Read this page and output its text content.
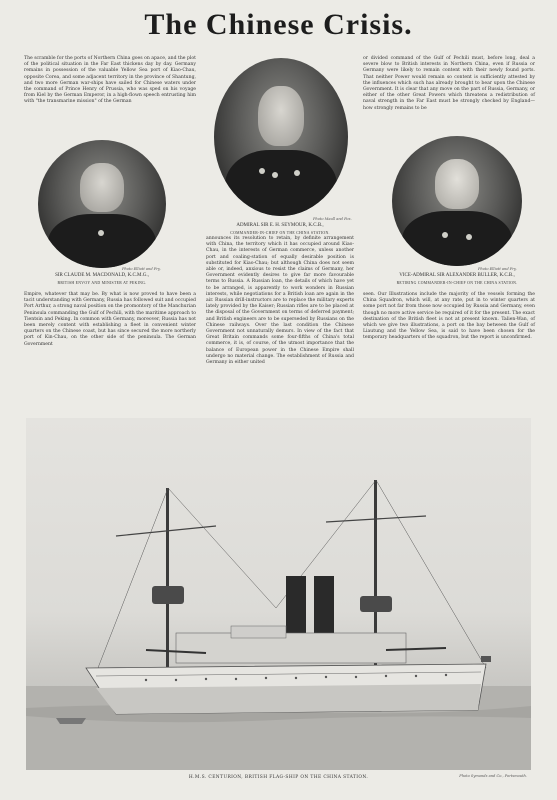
The Chinese Crisis.
The scramble for the ports of Northern China goes on apace, and the plot of the political situation in the Far East thickens day by day. Germany remains in possession of the valuable Yellow Sea port of Kiao-Chau, opposite Corea, and some adjacent territory in the province of Shantung, and two more German war-ships have sailed for Chinese waters under the command of Prince Henry of Prussia, who was sped on his voyage from Kiel by the German Emperor, in a high-flown speech entrusting him with "the transmarine mission" of the German
or divided command of the Gulf of Pechili must, before long, deal a severe blow to British interests in Northern China, even if Russia or Germany were likely to remain content with their newly found ports. That neither Power would remain so content is sufficiently attested by the influences which such has already brought to bear upon the Chinese Government. It is clear that any move on the part of Russia, Germany, or either of the other Great Powers which threatens a redistribution of naval strength in the Far East must be strongly checked by England—how strongly remains to be
Empire, whatever that may be. By what is now proved to have been a tacit understanding with Germany, Russia has followed suit and occupied Port Arthur, a strong naval position on the promontory of the Manchurian Peninsula commanding the Gulf of Pechili, with the maritime approach to Tientsin and Peking. In common with Germany, moreover, Russia has not been merely content with establishing a fleet in convenient winter quarters on the Chinese coast, but has since secured the more northerly port of Kin-Chau, on the other side of the peninsula. The German Government
announces its resolution to retain, by definite arrangement with China, the territory which it has occupied around Kiao-Chau, in the interests of German commerce, unless another port and coaling-station of equally desirable position is substituted for Kiao-Chau; but although China does not seem able or, indeed, anxious to resist the claims of Germany, her Government evidently desires to give far more favourable terms to Russia. A Russian loan, the details of which have yet to be arranged, is apparently to work wonders in Russian interests, while negotiations for a British loan are again in the air. Russian drill-instructors are to replace the military experts lately provided by the Kaiser; Russian rifles are to be placed at the disposal of the Government on terms of deferred payment; and British engineers are to be superseded by Russians on the Chinese railways. Over the last condition the Chinese Government not unnaturally demurs. In view of the fact that Great Britain commands some four-fifths of China's total commerce, it is, of course, of the utmost importance that the balance of European power in the Chinese Empire shall undergo no material change. The establishment of Russia and Germany in either united
seen. Our Illustrations include the majority of the vessels forming the China Squadron, which will, at any rate, put in to winter quarters at some port not far from those now occupied by Russia and Germany, even though no more active service be required of it for the present. The exact destination of the British fleet is not at present known. Talien-Wan, of which we give two illustrations, a port on the bay between the Gulf of Liautung and the Yellow Sea, is said to have been chosen for the temporary headquarters of the squadron, but the report is unconfirmed.
Photo Elliott and Fry.
SIR CLAUDE M. MACDONALD, K.C.M.G.,
BRITISH ENVOY AND MINISTER AT PEKING.
Photo Maull and Fox.
ADMIRAL SIR E. H. SEYMOUR, K.C.B.,
COMMANDER-IN-CHIEF ON THE CHINA STATION.
Photo Elliott and Fry.
VICE-ADMIRAL SIR ALEXANDER BULLER, K.C.B.,
RETIRING COMMANDER-IN-CHIEF ON THE CHINA STATION.
H.M.S. CENTURION, BRITISH FLAG-SHIP ON THE CHINA STATION.	Photo Symonds and Co., Portsmouth.
